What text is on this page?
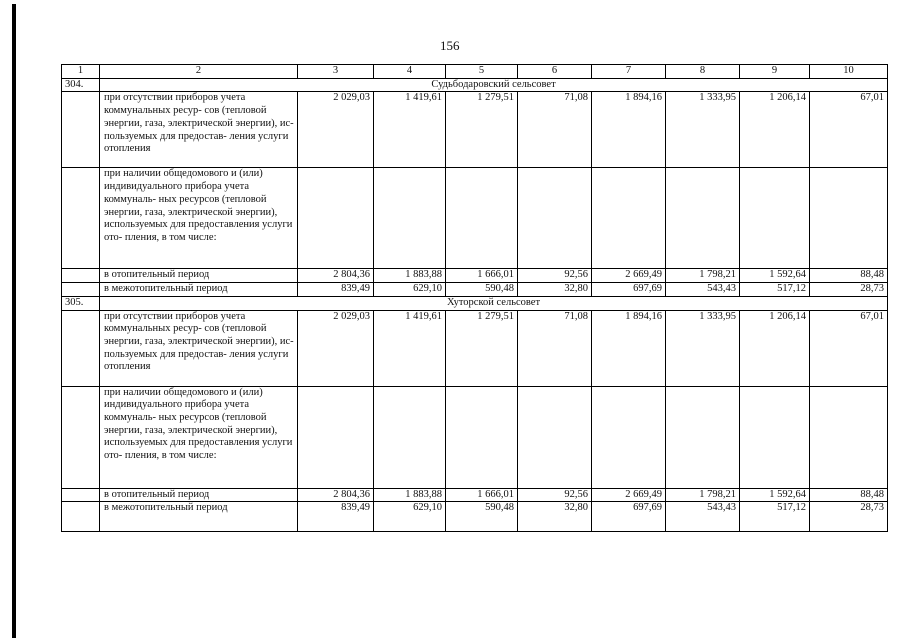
156
1	2	3	4	5	6	7	8	9	10
304.	Судьбодаровский сельсовет								
	при отсутствии приборов учета коммунальных ресур- сов (тепловой энергии, газа, электрической энергии), ис- пользуемых для предостав- ления услуги отопления	2 029,03	1 419,61	1 279,51	71,08	1 894,16	1 333,95	1 206,14	67,01
	при наличии общедомового и (или) индивидуального прибора учета коммуналь- ных ресурсов (тепловой энергии, газа, электрической энергии), используемых для предоставления услуги ото- пления, в том числе:								
	в отопительный период	2 804,36	1 883,88	1 666,01	92,56	2 669,49	1 798,21	1 592,64	88,48
	в межотопительный период	839,49	629,10	590,48	32,80	697,69	543,43	517,12	28,73
305.	Хуторской сельсовет								
	при отсутствии приборов учета коммунальных ресур- сов (тепловой энергии, газа, электрической энергии), ис- пользуемых для предостав- ления услуги отопления	2 029,03	1 419,61	1 279,51	71,08	1 894,16	1 333,95	1 206,14	67,01
	при наличии общедомового и (или) индивидуального прибора учета коммуналь- ных ресурсов (тепловой энергии, газа, электрической энергии), используемых для предоставления услуги ото- пления, в том числе:								
	в отопительный период	2 804,36	1 883,88	1 666,01	92,56	2 669,49	1 798,21	1 592,64	88,48
	в межотопительный период	839,49	629,10	590,48	32,80	697,69	543,43	517,12	28,73
